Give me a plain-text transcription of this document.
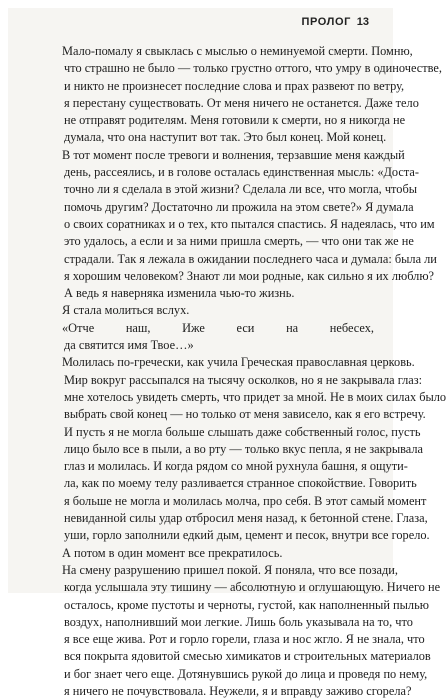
ПРОЛОГ 13
Мало-помалу я свыклась с мыслью о неминуемой смерти. Помню,
что страшно не было — только грустно оттого, что умру в одиночестве,
и никто не произнесет последние слова и прах развеют по ветру,
я перестану существовать. От меня ничего не останется. Даже тело
не отправят родителям. Меня готовили к смерти, но я никогда не
думала, что она наступит вот так. Это был конец. Мой конец.
В тот момент после тревоги и волнения, терзавшие меня каждый
день, рассеялись, и в голове осталась единственная мысль: «Доста-
точно ли я сделала в этой жизни? Сделала ли все, что могла, чтобы
помочь другим? Достаточно ли прожила на этом свете?» Я думала
о своих соратниках и о тех, кто пытался спастись. Я надеялась, что им
это удалось, а если и за ними пришла смерть, — что они так же не
страдали. Так я лежала в ожидании последнего часа и думала: была ли
я хорошим человеком? Знают ли мои родные, как сильно я их люблю?
А ведь я наверняка изменила чью-то жизнь.
Я стала молиться вслух.
«Отче наш, Иже еси на небесех,
да святится имя Твое…»
Молилась по-гречески, как учила Греческая православная церковь.
Мир вокруг рассыпался на тысячу осколков, но я не закрывала глаз:
мне хотелось увидеть смерть, что придет за мной. Не в моих силах было
выбрать свой конец — но только от меня зависело, как я его встречу.
И пусть я не могла больше слышать даже собственный голос, пусть
лицо было все в пыли, а во рту — только вкус пепла, я не закрывала
глаз и молилась. И когда рядом со мной рухнула башня, я ощути-
ла, как по моему телу разливается странное спокойствие. Говорить
я больше не могла и молилась молча, про себя. В этот самый момент
невиданной силы удар отбросил меня назад, к бетонной стене. Глаза,
уши, горло заполнили едкий дым, цемент и песок, внутри все горело.
А потом в один момент все прекратилось.
На смену разрушению пришел покой. Я поняла, что все позади,
когда услышала эту тишину — абсолютную и оглушающую. Ничего не
осталось, кроме пустоты и черноты, густой, как наполненный пылью
воздух, наполнивший мои легкие. Лишь боль указывала на то, что
я все еще жива. Рот и горло горели, глаза и нос жгло. Я не знала, что
вся покрыта ядовитой смесью химикатов и строительных материалов
и бог знает чего еще. Дотянувшись рукой до лица и проведя по нему,
я ничего не почувствовала. Неужели, я и вправду заживо сгорела?
